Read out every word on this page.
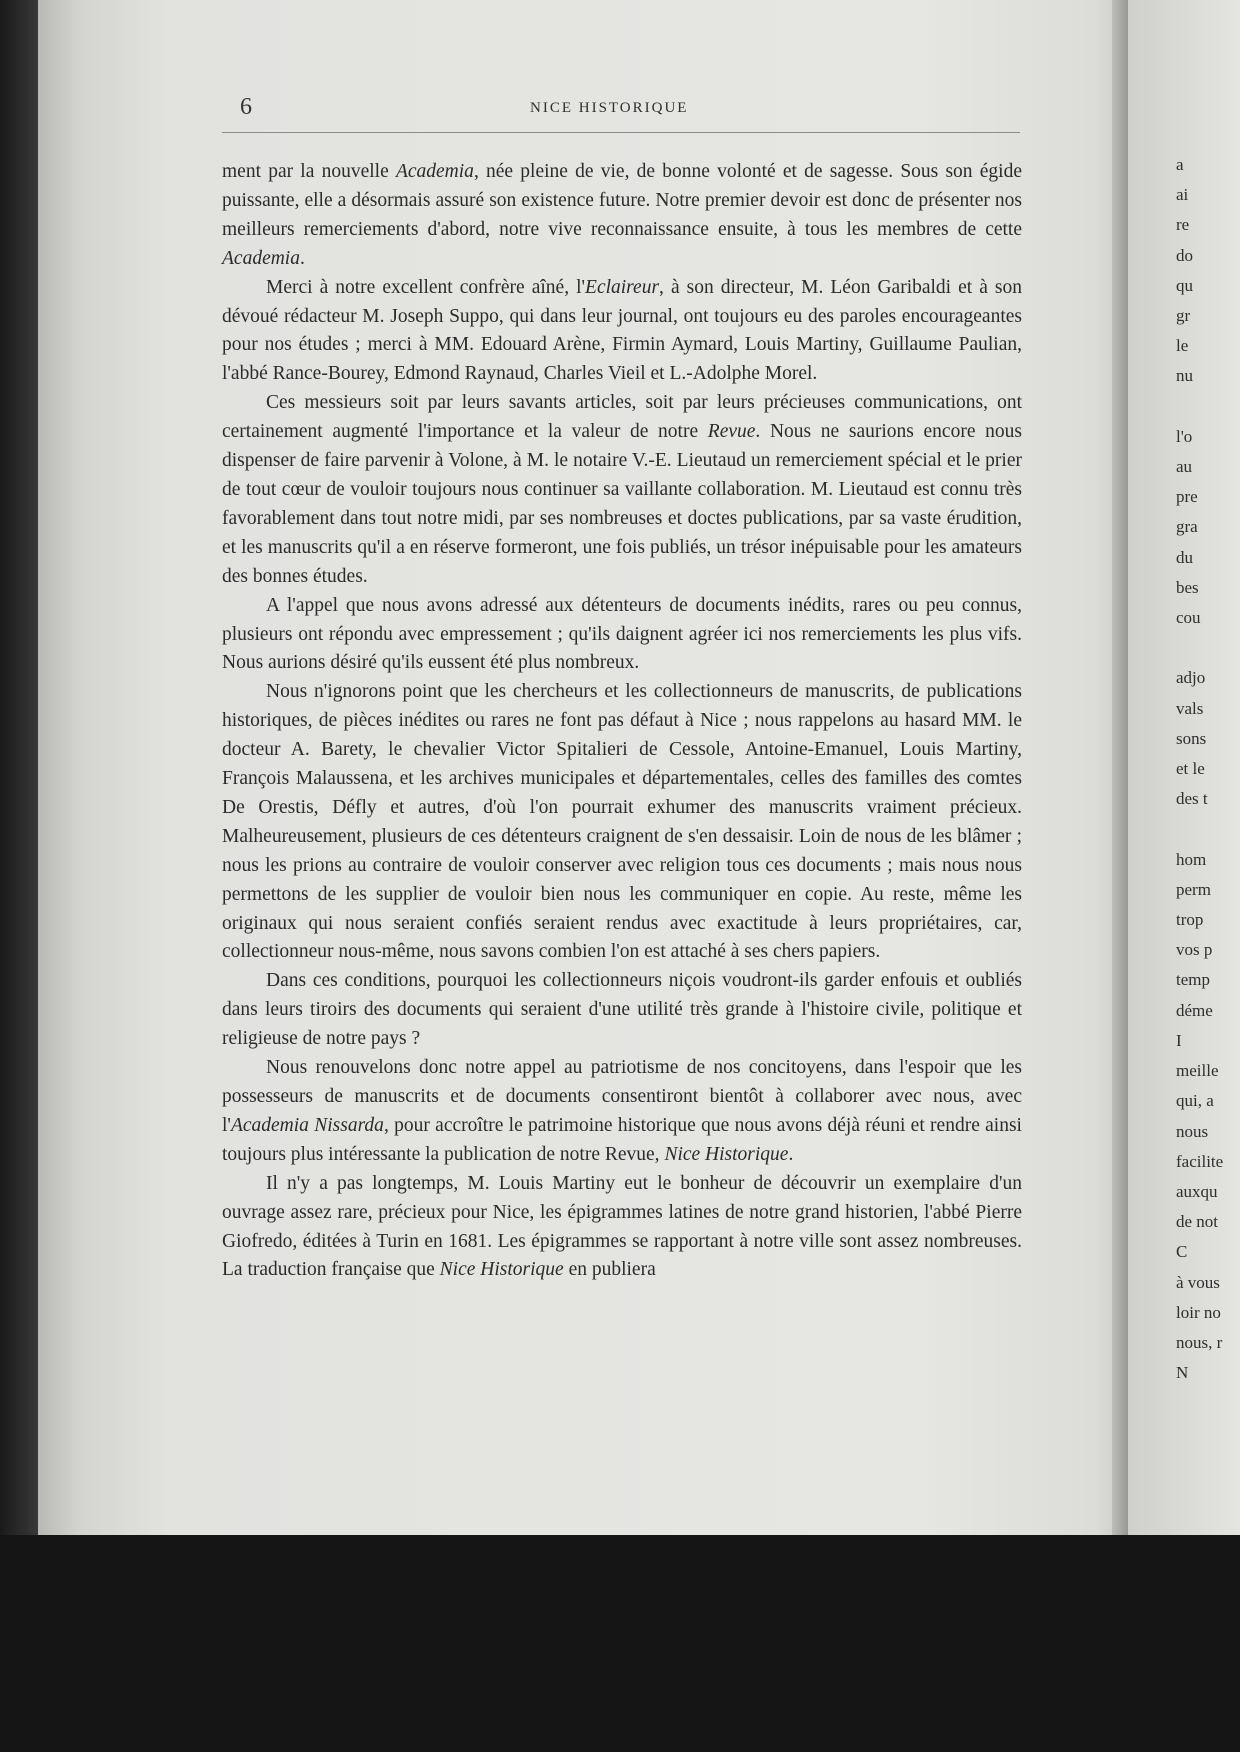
a
ai
re
do
qu
gr
le
nu

l'o
au
pre
gra
du
bes
cou

adjo
vals
sons
et le
des t

hom
perm
trop
vos p
temp
déme
I
meille
qui, a
nous
facilite
auxqu
de not
C
à vous
loir no
nous, r
N
6	NICE HISTORIQUE

ment par la nouvelle Academia, née pleine de vie, de bonne volonté et de sagesse. Sous son égide puissante, elle a désormais assuré son existence future. Notre premier devoir est donc de présenter nos meilleurs remerciements d'abord, notre vive reconnaissance ensuite, à tous les membres de cette Academia.

Merci à notre excellent confrère aîné, l'Eclaireur, à son directeur, M. Léon Garibaldi et à son dévoué rédacteur M. Joseph Suppo, qui dans leur journal, ont toujours eu des paroles encourageantes pour nos études ; merci à MM. Edouard Arène, Firmin Aymard, Louis Martiny, Guillaume Paulian, l'abbé Rance-Bourey, Edmond Raynaud, Charles Vieil et L.-Adolphe Morel.

Ces messieurs soit par leurs savants articles, soit par leurs précieuses communications, ont certainement augmenté l'importance et la valeur de notre Revue. Nous ne saurions encore nous dispenser de faire parvenir à Volone, à M. le notaire V.-E. Lieutaud un remerciement spécial et le prier de tout cœur de vouloir toujours nous continuer sa vaillante collaboration. M. Lieutaud est connu très favorablement dans tout notre midi, par ses nombreuses et doctes publications, par sa vaste érudition, et les manuscrits qu'il a en réserve formeront, une fois publiés, un trésor inépuisable pour les amateurs des bonnes études.

A l'appel que nous avons adressé aux détenteurs de documents inédits, rares ou peu connus, plusieurs ont répondu avec empressement ; qu'ils daignent agréer ici nos remerciements les plus vifs. Nous aurions désiré qu'ils eussent été plus nombreux.

Nous n'ignorons point que les chercheurs et les collectionneurs de manuscrits, de publications historiques, de pièces inédites ou rares ne font pas défaut à Nice ; nous rappelons au hasard MM. le docteur A. Barety, le chevalier Victor Spitalieri de Cessole, Antoine-Emanuel, Louis Martiny, François Malaussena, et les archives municipales et départementales, celles des familles des comtes De Orestis, Défly et autres, d'où l'on pourrait exhumer des manuscrits vraiment précieux. Malheureusement, plusieurs de ces détenteurs craignent de s'en dessaisir. Loin de nous de les blâmer ; nous les prions au contraire de vouloir conserver avec religion tous ces documents ; mais nous nous permettons de les supplier de vouloir bien nous les communiquer en copie. Au reste, même les originaux qui nous seraient confiés seraient rendus avec exactitude à leurs propriétaires, car, collectionneur nous-même, nous savons combien l'on est attaché à ses chers papiers.

Dans ces conditions, pourquoi les collectionneurs niçois voudront-ils garder enfouis et oubliés dans leurs tiroirs des documents qui seraient d'une utilité très grande à l'histoire civile, politique et religieuse de notre pays ?

Nous renouvelons donc notre appel au patriotisme de nos concitoyens, dans l'espoir que les possesseurs de manuscrits et de documents consentiront bientôt à collaborer avec nous, avec l'Academia Nissarda, pour accroître le patrimoine historique que nous avons déjà réuni et rendre ainsi toujours plus intéressante la publication de notre Revue, Nice Historique.

Il n'y a pas longtemps, M. Louis Martiny eut le bonheur de découvrir un exemplaire d'un ouvrage assez rare, précieux pour Nice, les épigrammes latines de notre grand historien, l'abbé Pierre Giofredo, éditées à Turin en 1681. Les épigrammes se rapportant à notre ville sont assez nombreuses. La traduction française que Nice Historique en publiera
